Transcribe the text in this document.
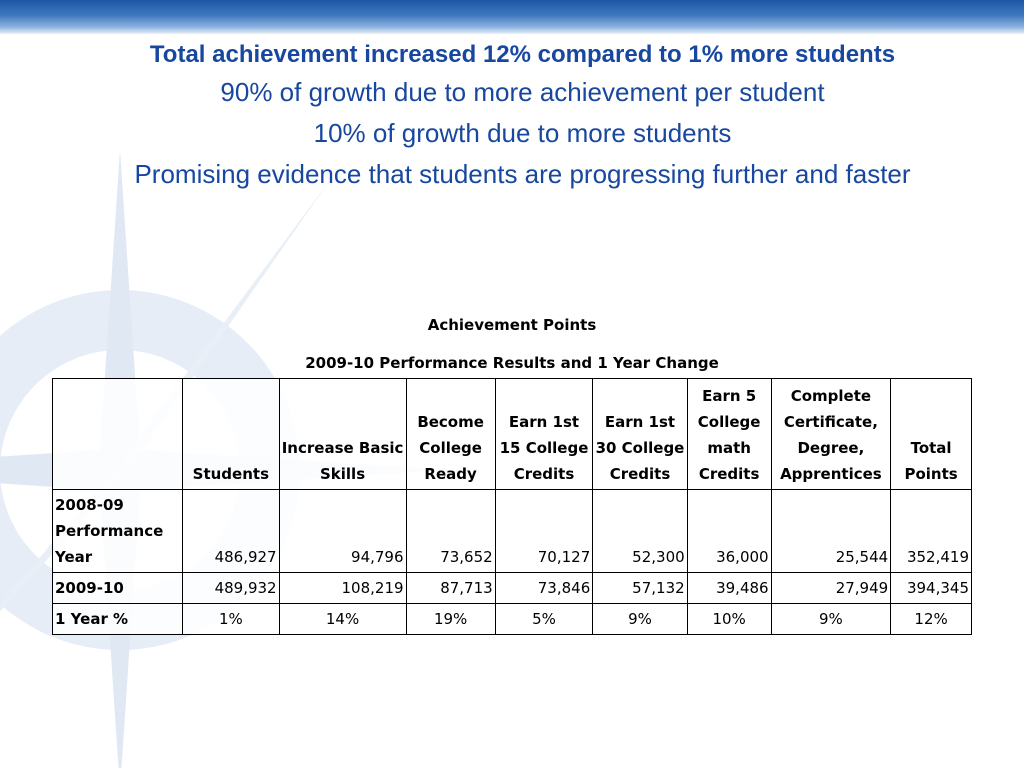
Total achievement increased 12% compared to 1% more students
90% of growth due to more achievement per student
10% of growth due to more students
Promising evidence that students are progressing further and faster
Achievement Points
2009-10 Performance Results and 1 Year Change
	Students	Increase Basic Skills	Become College Ready	Earn 1st 15 College Credits	Earn 1st 30 College Credits	Earn 5 College math Credits	Complete Certificate, Degree, Apprentices	Total Points
2008-09 Performance Year	486,927	94,796	73,652	70,127	52,300	36,000	25,544	352,419
2009-10	489,932	108,219	87,713	73,846	57,132	39,486	27,949	394,345
1 Year %	1%	14%	19%	5%	9%	10%	9%	12%
